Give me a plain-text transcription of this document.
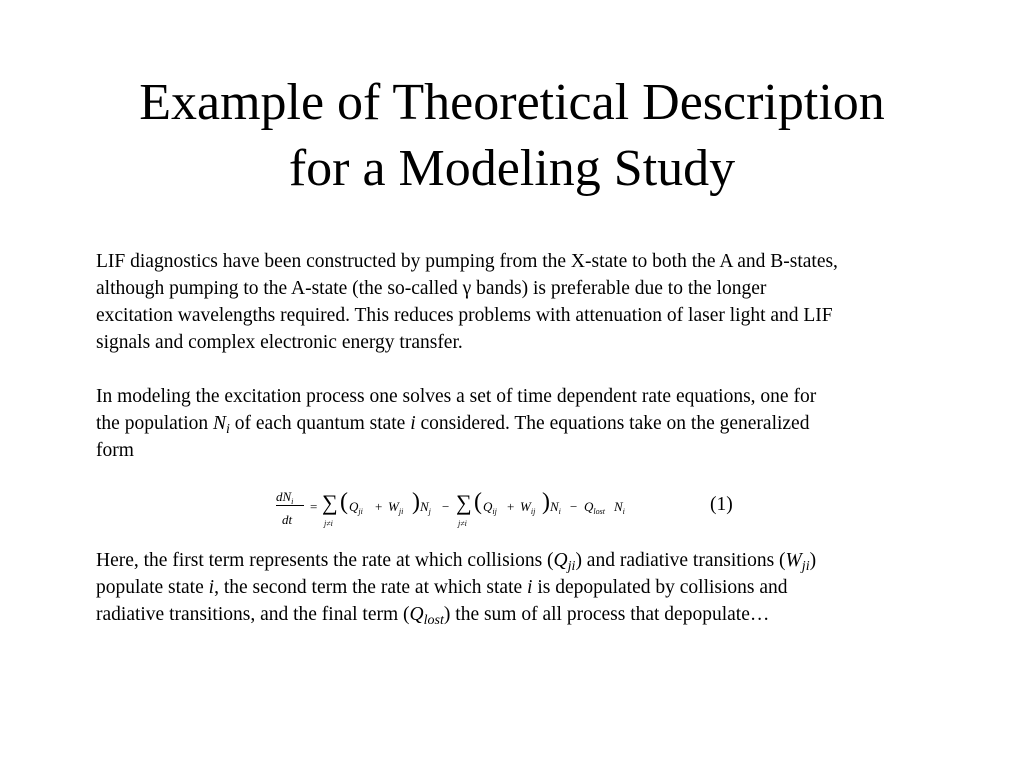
Example of Theoretical Description
for a Modeling Study

LIF diagnostics have been constructed by pumping from the X-state to both the A and B-states,
although pumping to the A-state (the so-called γ bands) is preferable due to the longer
excitation wavelengths required. This reduces problems with attenuation of laser light and LIF
signals and complex electronic energy transfer.

In modeling the excitation process one solves a set of time dependent rate equations, one for
the population $N_i$ of each quantum state i considered. The equations take on the generalized
form

$dN_i$
dt
= ∑
j≠i
( $Q_{ji} + W_{ji}$ ) $N_j$ − ∑
j≠i
( $Q_{ij} + W_{ij}$ ) $N_i - Q_{lost}$ $N_i$	(1)

Here, the first term represents the rate at which collisions $(Q_{ji})$ and radiative transitions $(W_{ji})$
populate state i, the second term the rate at which state i is depopulated by collisions and
radiative transitions, and the final term $(Q_{lost})$ the sum of all process that depopulate…
